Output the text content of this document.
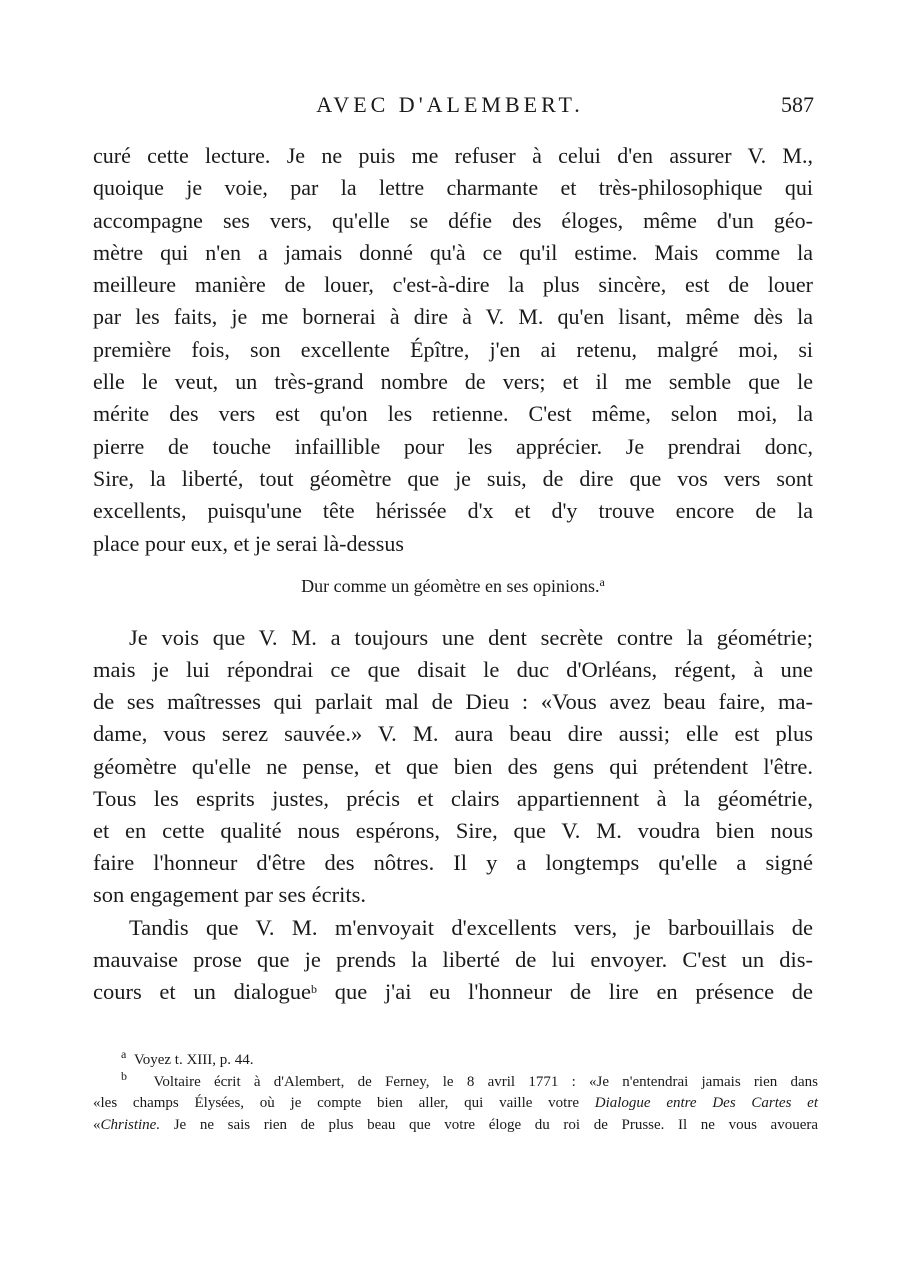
AVEC D'ALEMBERT.	587
curé cette lecture. Je ne puis me refuser à celui d'en assurer V. M.,
quoique je voie, par la lettre charmante et très-philosophique qui
accompagne ses vers, qu'elle se défie des éloges, même d'un géo-
mètre qui n'en a jamais donné qu'à ce qu'il estime. Mais comme la
meilleure manière de louer, c'est-à-dire la plus sincère, est de louer
par les faits, je me bornerai à dire à V. M. qu'en lisant, même dès la
première fois, son excellente Épître, j'en ai retenu, malgré moi, si
elle le veut, un très-grand nombre de vers; et il me semble que le
mérite des vers est qu'on les retienne. C'est même, selon moi, la
pierre de touche infaillible pour les apprécier. Je prendrai donc,
Sire, la liberté, tout géomètre que je suis, de dire que vos vers sont
excellents, puisqu'une tête hérissée d'x et d'y trouve encore de la
place pour eux, et je serai là-dessus
Dur comme un géomètre en ses opinions.$^a$
Je vois que V. M. a toujours une dent secrète contre la géométrie;
mais je lui répondrai ce que disait le duc d'Orléans, régent, à une
de ses maîtresses qui parlait mal de Dieu : «Vous avez beau faire, ma-
dame, vous serez sauvée.» V. M. aura beau dire aussi; elle est plus
géomètre qu'elle ne pense, et que bien des gens qui prétendent l'être.
Tous les esprits justes, précis et clairs appartiennent à la géométrie,
et en cette qualité nous espérons, Sire, que V. M. voudra bien nous
faire l'honneur d'être des nôtres. Il y a longtemps qu'elle a signé
son engagement par ses écrits.
Tandis que V. M. m'envoyait d'excellents vers, je barbouillais de
mauvaise prose que je prends la liberté de lui envoyer. C'est un dis-
cours et un dialogue$^b$ que j'ai eu l'honneur de lire en présence de
$^a$ Voyez t. XIII, p. 44.
$^b$ Voltaire écrit à d'Alembert, de Ferney, le 8 avril 1771 : «Je n'entendrai jamais rien dans
«les champs Élysées, où je compte bien aller, qui vaille votre Dialogue entre Des Cartes et
«Christine. Je ne sais rien de plus beau que votre éloge du roi de Prusse. Il ne vous avouera
